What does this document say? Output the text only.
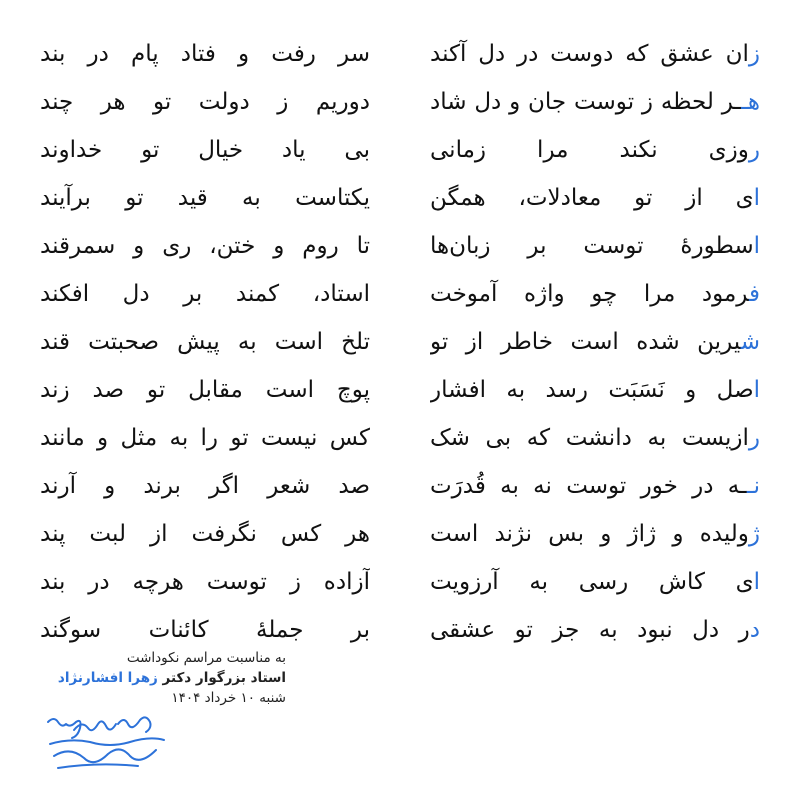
زان عشق که دوست در دل آکند
سر رفت و فتاد پام در بند
هــر لحظه ز توست جان و دل شاد
دوریم ز دولت تو هر چند
روزی نکند مرا زمانی
بی یاد خیال تو خداوند
ای از تو معادلات، همگن
یکتاست به قید تو برآیند
اسطورهٔ توست بر زبان‌ها
تا روم و ختن، ری و سمرقند
فرمود مرا چو واژه آموخت
استاد، کمند بر دل افکند
شیرین شده است خاطر از تو
تلخ است به پیش صحبتت قند
اصل و نَسَبَت رسد به افشار
پوچ است مقابل تو صد زند
رازیست به دانشت که بی شک
کس نیست تو را به مثل و مانند
نــه در خور توست نه به قُدرَت
صد شعر اگر برند و آرند
ژولیده و ژاژ و بس نژند است
هر کس نگرفت از لبت پند
ای کاش رسی به آرزویت
آزاده ز توست هرچه در بند
در دل نبود به جز تو عشقی
بر جملهٔ کائنات سوگند
به مناسبت مراسم نکوداشت
استاد بزرگوار دکتر زهرا افشارنژاد
شنبه ۱۰ خرداد ۱۴۰۴
